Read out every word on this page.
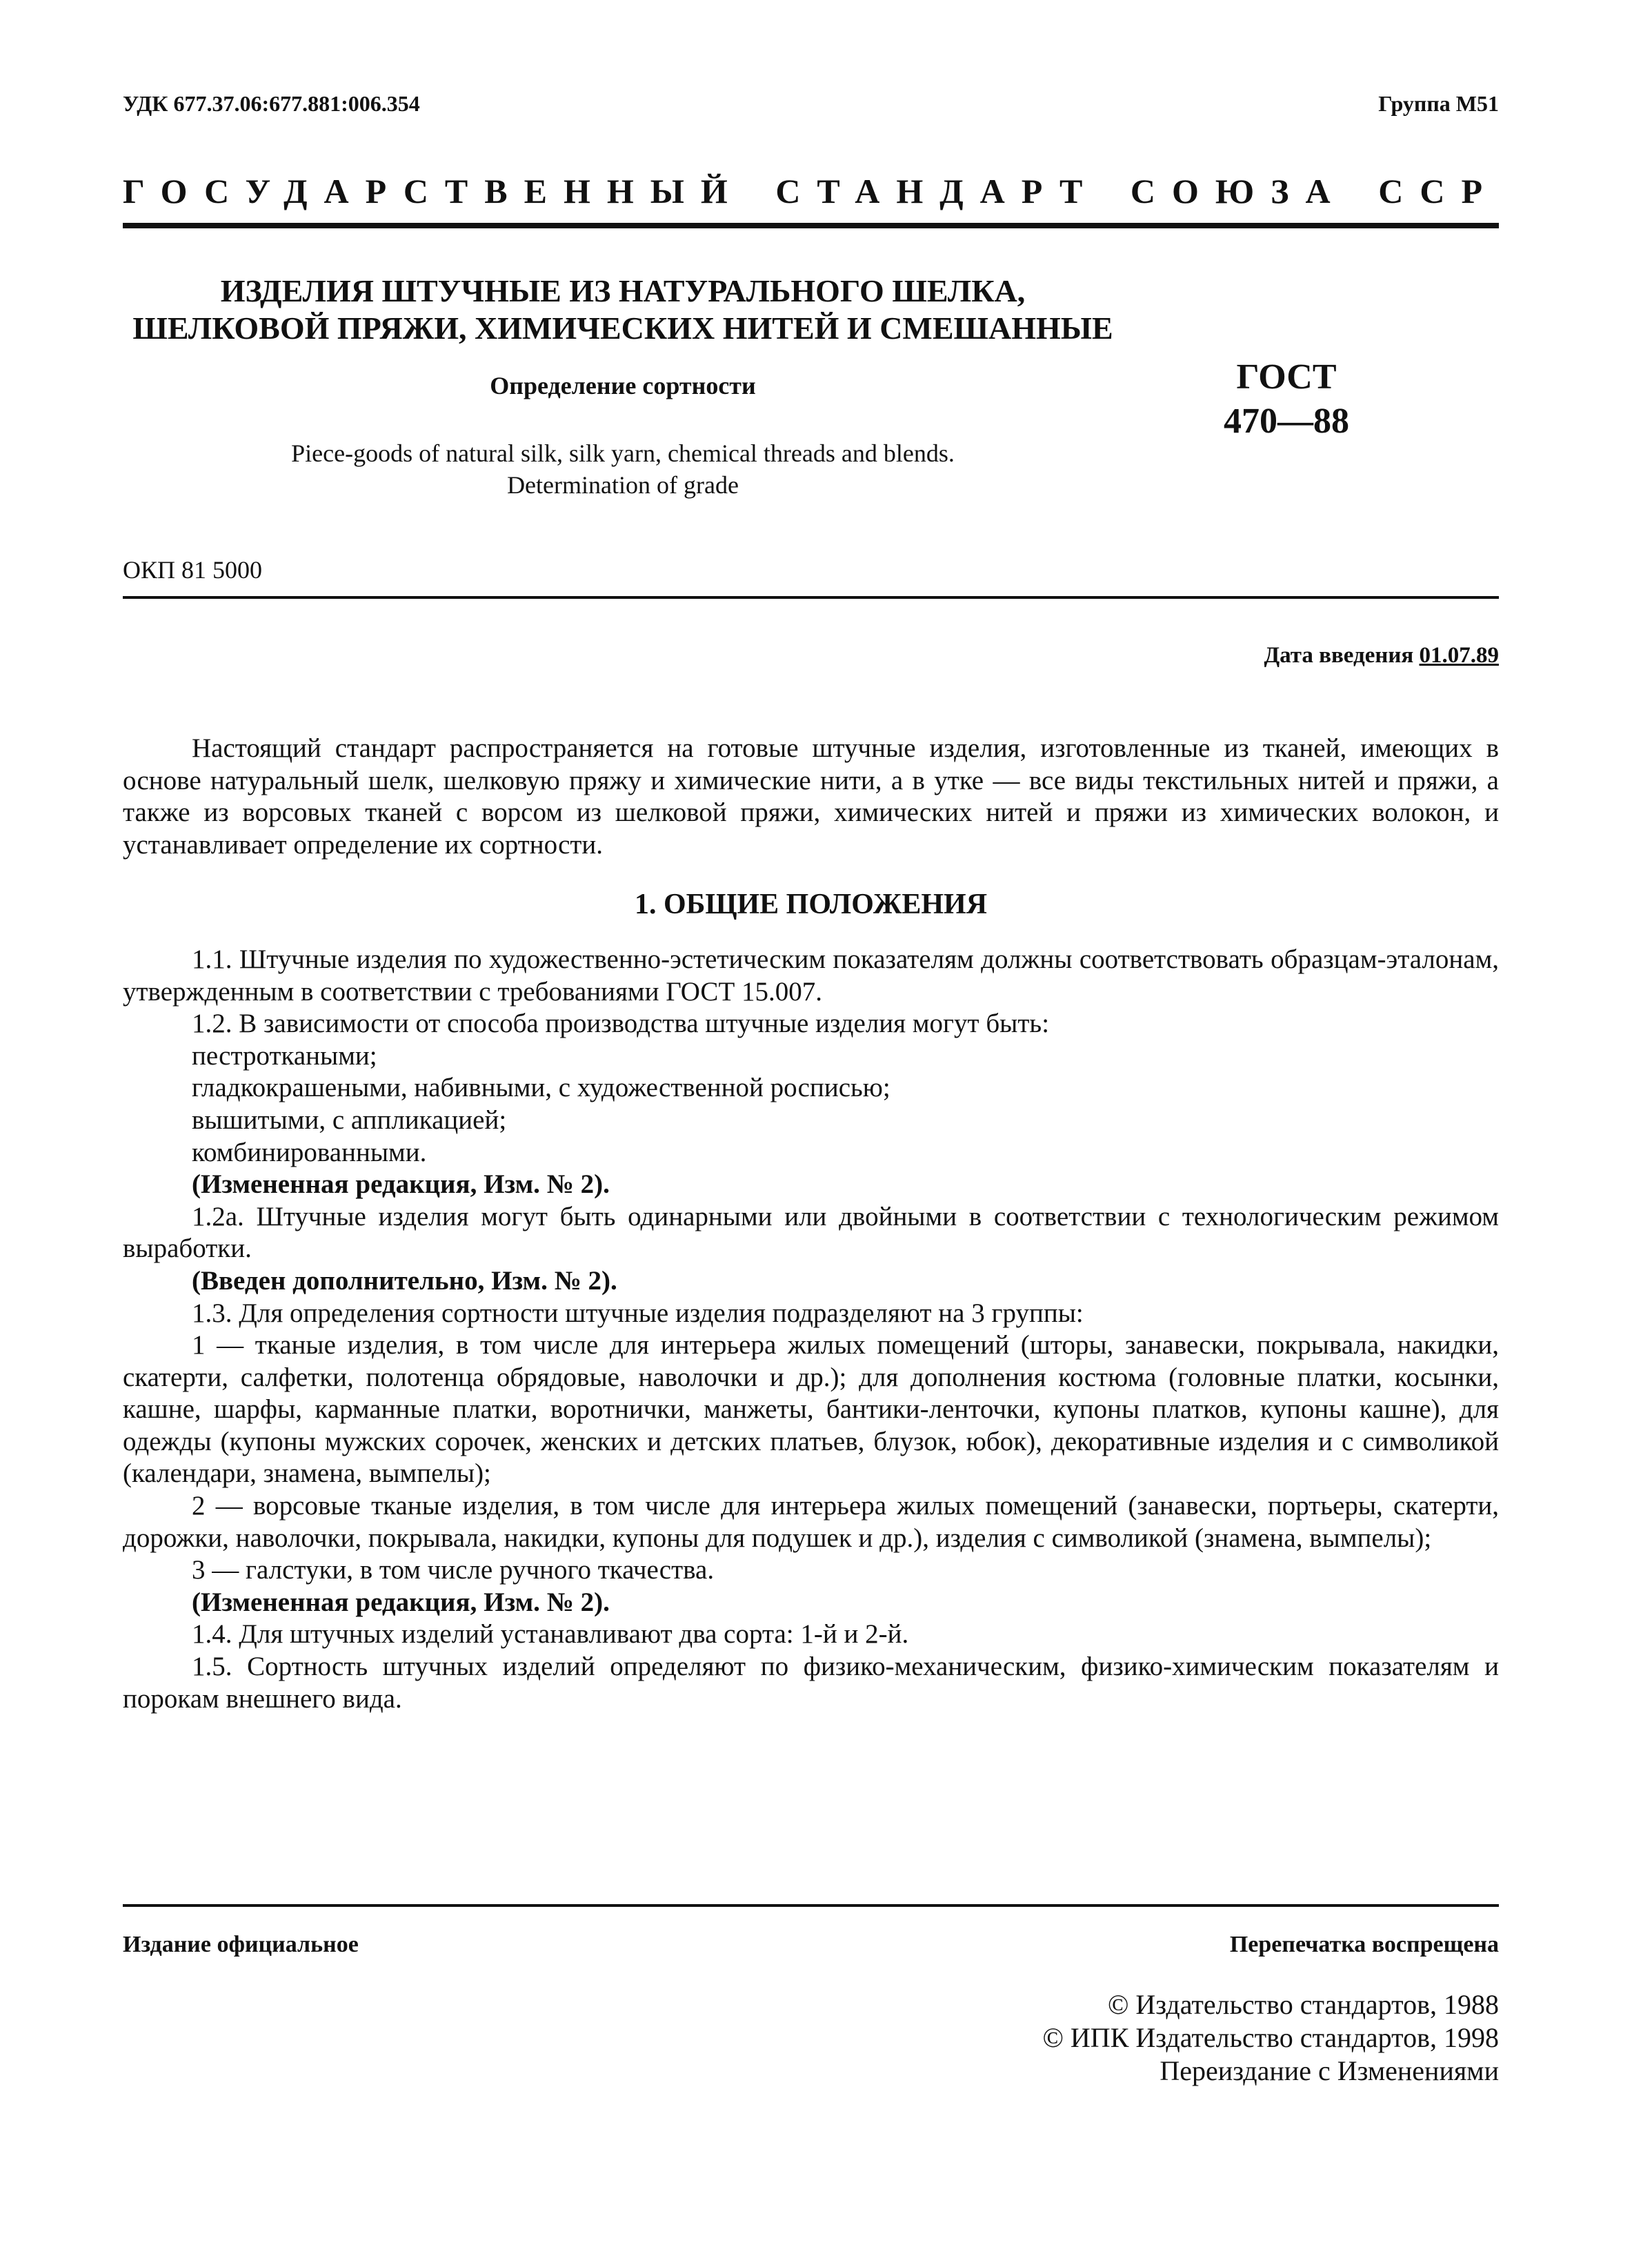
УДК 677.37.06:677.881:006.354	Группа М51
ГОСУДАРСТВЕННЫЙ СТАНДАРТ СОЮЗА ССР
ИЗДЕЛИЯ ШТУЧНЫЕ ИЗ НАТУРАЛЬНОГО ШЕЛКА,
ШЕЛКОВОЙ ПРЯЖИ, ХИМИЧЕСКИХ НИТЕЙ И СМЕШАННЫЕ
Определение сортности	ГОСТ
470—88
Piece-goods of natural silk, silk yarn, chemical threads and blends.
Determination of grade
ОКП 81 5000
Дата введения 01.07.89

Настоящий стандарт распространяется на готовые штучные изделия, изготовленные из тканей, имеющих в основе натуральный шелк, шелковую пряжу и химические нити, а в утке — все виды текстильных нитей и пряжи, а также из ворсовых тканей с ворсом из шелковой пряжи, химических нитей и пряжи из химических волокон, и устанавливает определение их сортности.

1. ОБЩИЕ ПОЛОЖЕНИЯ

1.1. Штучные изделия по художественно-эстетическим показателям должны соответствовать образцам-эталонам, утвержденным в соответствии с требованиями ГОСТ 15.007.

1.2. В зависимости от способа производства штучные изделия могут быть:

пестроткаными;

гладкокрашеными, набивными, с художественной росписью;

вышитыми, с аппликацией;

комбинированными.

(Измененная редакция, Изм. № 2).

1.2а. Штучные изделия могут быть одинарными или двойными в соответствии с технологическим режимом выработки.

(Введен дополнительно, Изм. № 2).

1.3. Для определения сортности штучные изделия подразделяют на 3 группы:

1 — тканые изделия, в том числе для интерьера жилых помещений (шторы, занавески, покрывала, накидки, скатерти, салфетки, полотенца обрядовые, наволочки и др.); для дополнения костюма (головные платки, косынки, кашне, шарфы, карманные платки, воротнички, манжеты, бантики-ленточки, купоны платков, купоны кашне), для одежды (купоны мужских сорочек, женских и детских платьев, блузок, юбок), декоративные изделия и с символикой (календари, знамена, вымпелы);

2 — ворсовые тканые изделия, в том числе для интерьера жилых помещений (занавески, портьеры, скатерти, дорожки, наволочки, покрывала, накидки, купоны для подушек и др.), изделия с символикой (знамена, вымпелы);

3 — галстуки, в том числе ручного ткачества.

(Измененная редакция, Изм. № 2).

1.4. Для штучных изделий устанавливают два сорта: 1-й и 2-й.

1.5. Сортность штучных изделий определяют по физико-механическим, физико-химическим показателям и порокам внешнего вида.

Издание официальное	Перепечатка воспрещена
© Издательство стандартов, 1988
© ИПК Издательство стандартов, 1998
Переиздание с Изменениями
